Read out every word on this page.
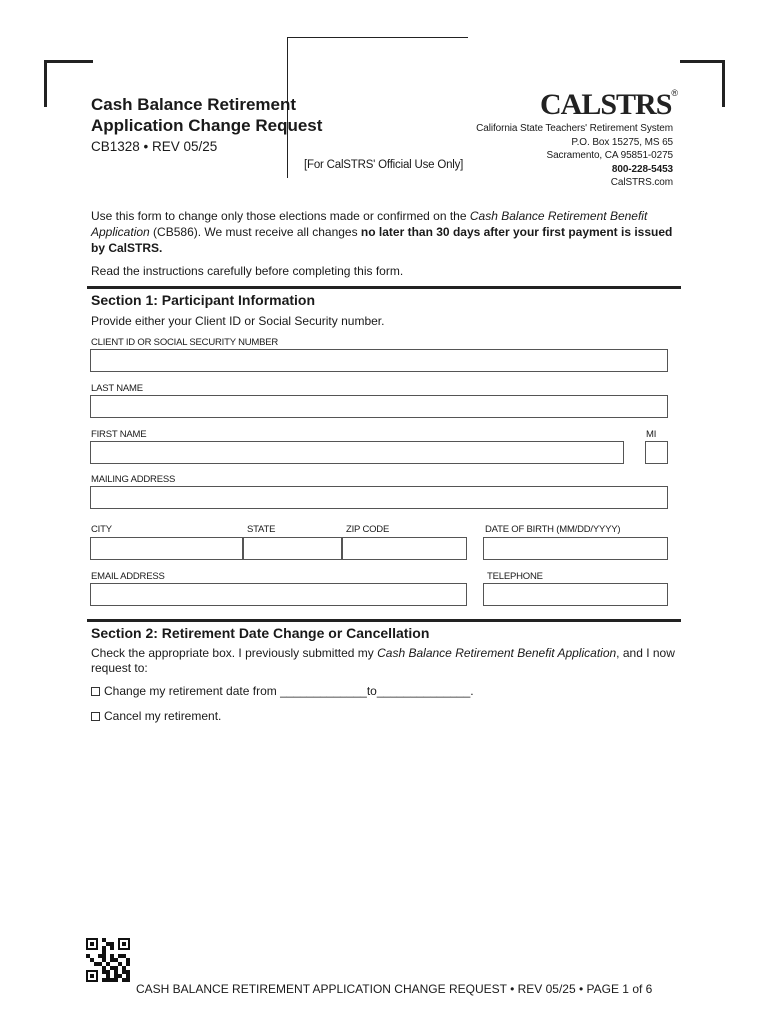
[For CalSTRS' Official Use Only]
Cash Balance Retirement
Application Change Request
CB1328 • REV 05/25
CALSTRS®
California State Teachers' Retirement System
P.O. Box 15275, MS 65
Sacramento, CA 95851-0275
800-228-5453
CalSTRS.com
Use this form to change only those elections made or confirmed on the Cash Balance Retirement Benefit Application (CB586). We must receive all changes no later than 30 days after your first payment is issued by CalSTRS.
Read the instructions carefully before completing this form.
Section 1: Participant Information
Provide either your Client ID or Social Security number.
CLIENT ID OR SOCIAL SECURITY NUMBER
LAST NAME
FIRST NAME	MI
MAILING ADDRESS
CITY	STATE	ZIP CODE	DATE OF BIRTH (MM/DD/YYYY)
EMAIL ADDRESS	TELEPHONE
Section 2: Retirement Date Change or Cancellation
Check the appropriate box. I previously submitted my Cash Balance Retirement Benefit Application, and I now request to:
Change my retirement date from _____________to______________.
Cancel my retirement.
CASH BALANCE RETIREMENT APPLICATION CHANGE REQUEST • REV 05/25 • PAGE 1 of 6
